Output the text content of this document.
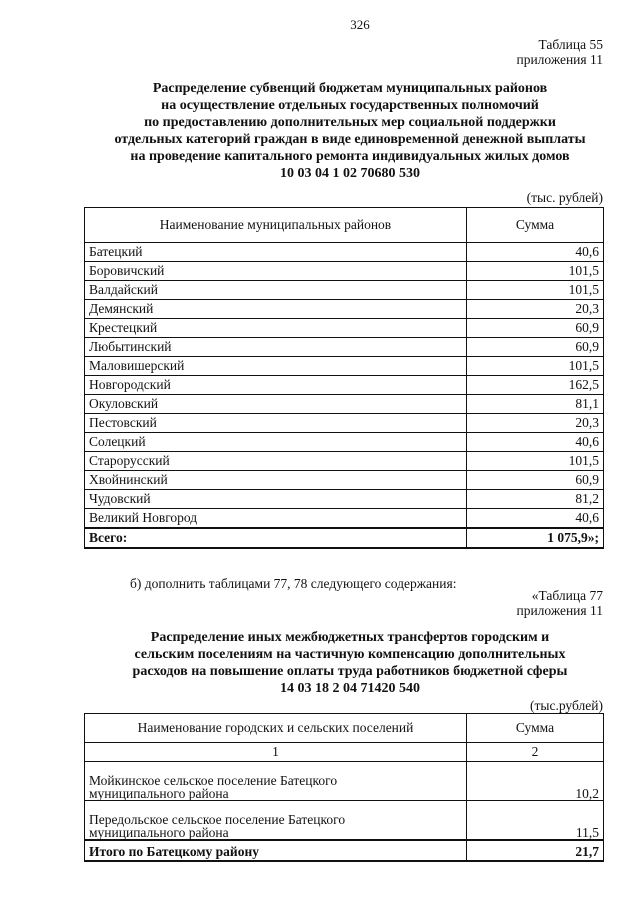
326
Таблица 55
приложения 11
Распределение субвенций бюджетам муниципальных районов
на осуществление отдельных государственных полномочий
по предоставлению дополнительных мер социальной поддержки
отдельных категорий граждан в виде единовременной денежной выплаты
на проведение капитального ремонта индивидуальных жилых домов
10 03 04 1 02 70680 530
(тыс. рублей)
Наименование муниципальных районов	Сумма
Батецкий	40,6
Боровичский	101,5
Валдайский	101,5
Демянский	20,3
Крестецкий	60,9
Любытинский	60,9
Маловишерский	101,5
Новгородский	162,5
Окуловский	81,1
Пестовский	20,3
Солецкий	40,6
Старорусский	101,5
Хвойнинский	60,9
Чудовский	81,2
Великий Новгород	40,6
Всего:	1 075,9»;
б) дополнить таблицами 77, 78 следующего содержания:
«Таблица 77
приложения 11
Распределение иных межбюджетных трансфертов городским и
сельским поселениям на частичную компенсацию дополнительных
расходов на повышение оплаты труда работников бюджетной сферы
14 03 18 2 04 71420 540
(тыс.рублей)
Наименование городских и сельских поселений	Сумма
1	2

Мойкинское сельское поселение Батецкого
муниципального района	10,2

Передольское сельское поселение Батецкого
муниципального района	11,5
Итого по Батецкому району	21,7
